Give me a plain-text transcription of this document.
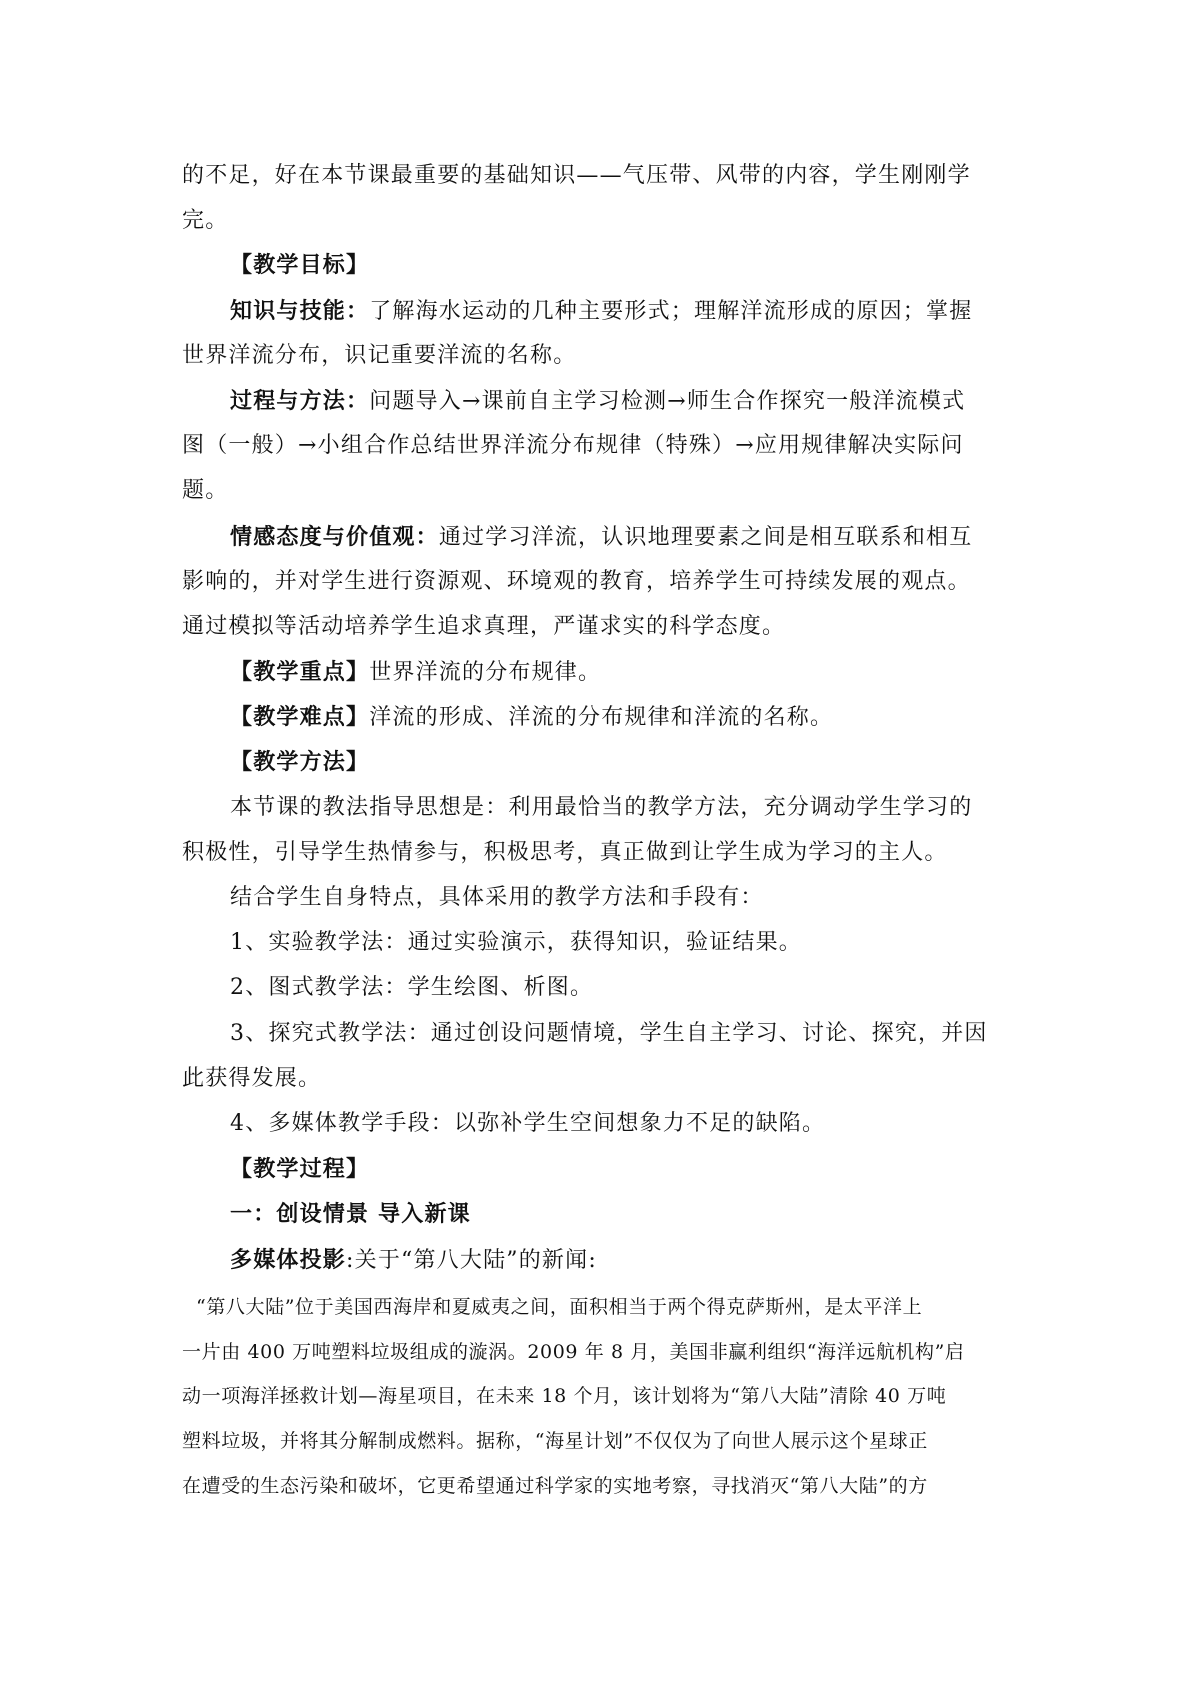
的不足，好在本节课最重要的基础知识——气压带、风带的内容，学生刚刚学
完。
【教学目标】
知识与技能：了解海水运动的几种主要形式；理解洋流形成的原因；掌握
世界洋流分布，识记重要洋流的名称。
过程与方法：问题导入→课前自主学习检测→师生合作探究一般洋流模式
图（一般）→小组合作总结世界洋流分布规律（特殊）→应用规律解决实际问
题。
情感态度与价值观：通过学习洋流，认识地理要素之间是相互联系和相互
影响的，并对学生进行资源观、环境观的教育，培养学生可持续发展的观点。
通过模拟等活动培养学生追求真理，严谨求实的科学态度。
【教学重点】世界洋流的分布规律。
【教学难点】洋流的形成、洋流的分布规律和洋流的名称。
【教学方法】
本节课的教法指导思想是：利用最恰当的教学方法，充分调动学生学习的
积极性，引导学生热情参与，积极思考，真正做到让学生成为学习的主人。
结合学生自身特点，具体采用的教学方法和手段有：
1、实验教学法：通过实验演示，获得知识，验证结果。
2、图式教学法：学生绘图、析图。
3、探究式教学法：通过创设问题情境，学生自主学习、讨论、探究，并因
此获得发展。
4、多媒体教学手段：以弥补学生空间想象力不足的缺陷。
【教学过程】
一：创设情景 导入新课
多媒体投影:关于“第八大陆”的新闻:
“第八大陆”位于美国西海岸和夏威夷之间，面积相当于两个得克萨斯州，是太平洋上
一片由 400 万吨塑料垃圾组成的漩涡。2009 年 8 月，美国非赢利组织“海洋远航机构”启
动一项海洋拯救计划—海星项目，在未来 18 个月，该计划将为“第八大陆”清除 40 万吨
塑料垃圾，并将其分解制成燃料。据称，“海星计划”不仅仅为了向世人展示这个星球正
在遭受的生态污染和破坏，它更希望通过科学家的实地考察，寻找消灭“第八大陆”的方
